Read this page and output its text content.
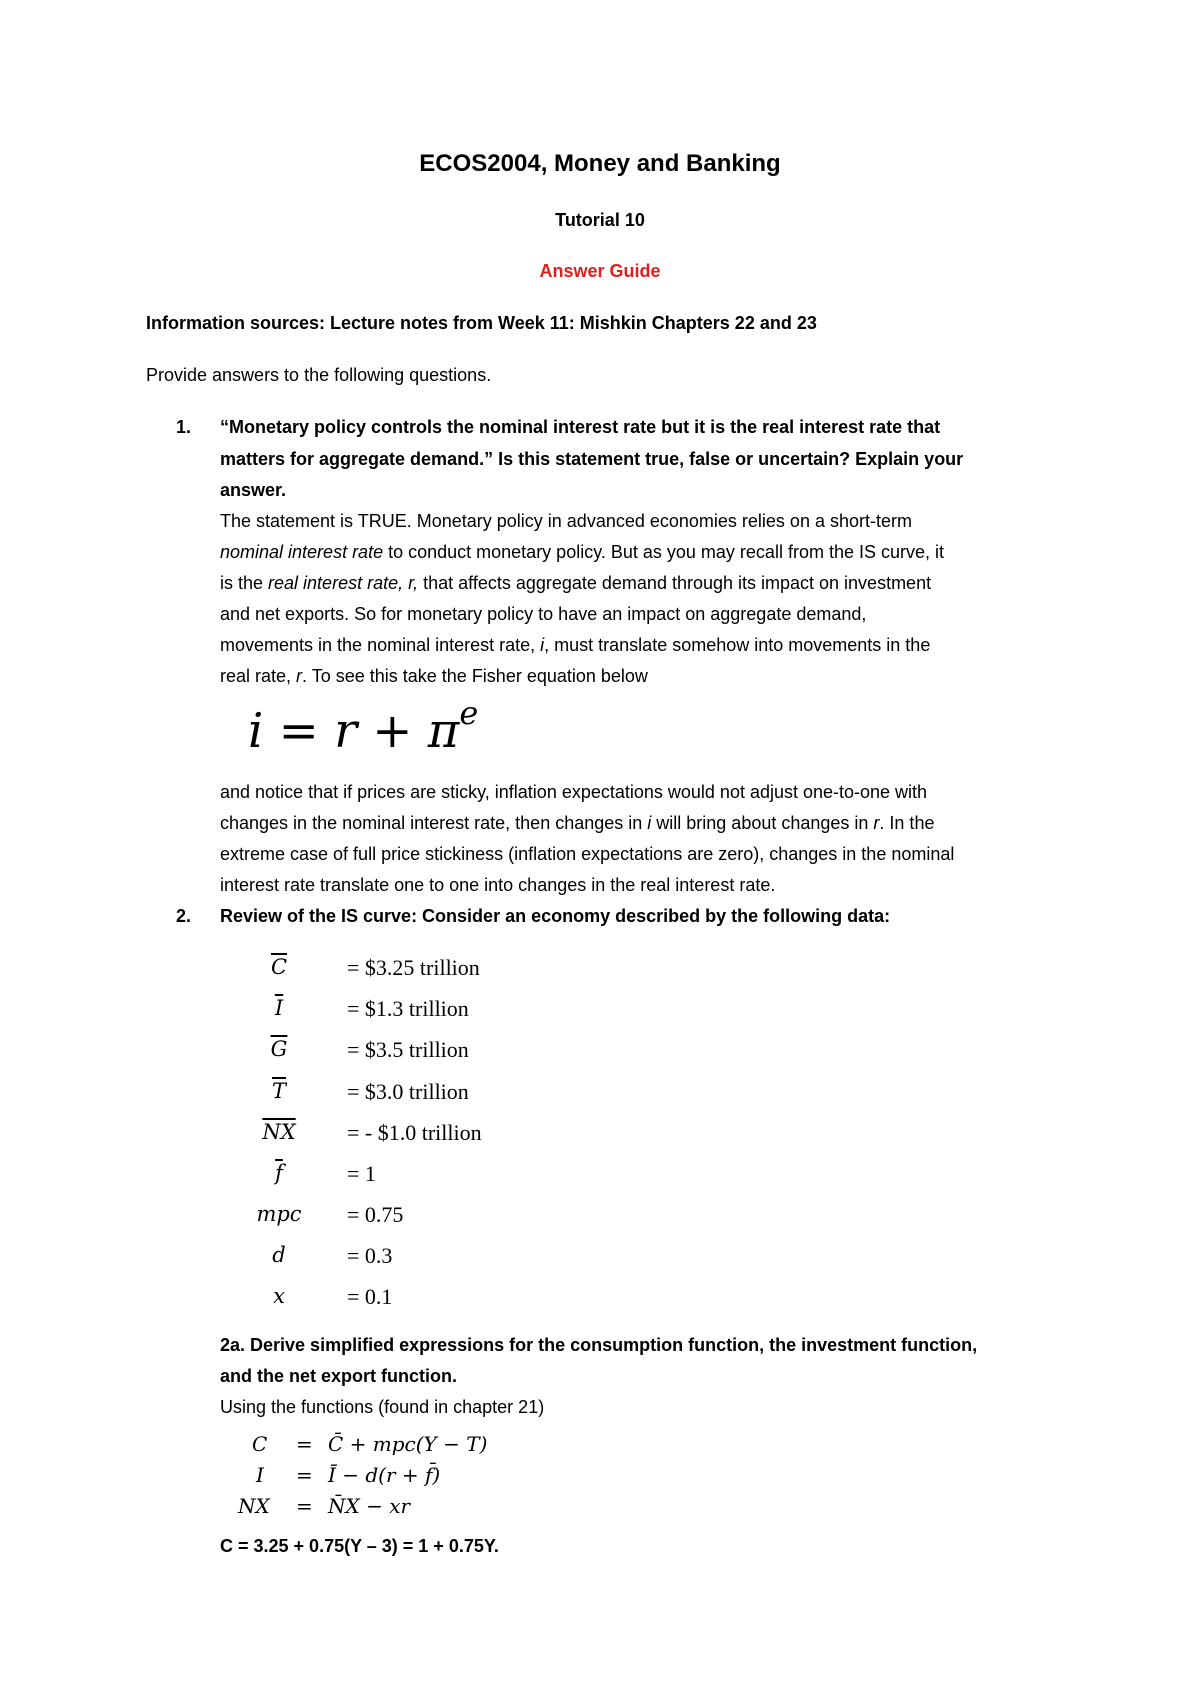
ECOS2004, Money and Banking
Tutorial 10
Answer Guide
Information sources: Lecture notes from Week 11: Mishkin Chapters 22 and 23
Provide answers to the following questions.
1. “Monetary policy controls the nominal interest rate but it is the real interest rate that
matters for aggregate demand.” Is this statement true, false or uncertain? Explain your
answer.
The statement is TRUE. Monetary policy in advanced economies relies on a short-term
nominal interest rate to conduct monetary policy. But as you may recall from the IS curve, it
is the real interest rate, r, that affects aggregate demand through its impact on investment
and net exports. So for monetary policy to have an impact on aggregate demand,
movements in the nominal interest rate, i, must translate somehow into movements in the
real rate, r. To see this take the Fisher equation below
$i = r + \pi^e$
and notice that if prices are sticky, inflation expectations would not adjust one-to-one with
changes in the nominal interest rate, then changes in i will bring about changes in r. In the
extreme case of full price stickiness (inflation expectations are zero), changes in the nominal
interest rate translate one to one into changes in the real interest rate.
2. Review of the IS curve: Consider an economy described by the following data:
$\overline{C}$	= $3.25 trillion
$\overline{I}$	= $1.3 trillion
$\overline{G}$	= $3.5 trillion
$\overline{T}$	= $3.0 trillion
$\overline{NX}$	= - $1.0 trillion
$\overline{f}$	= 1
mpc	= 0.75
d	= 0.3
x	= 0.1
2a. Derive simplified expressions for the consumption function, the investment function,
and the net export function.
Using the functions (found in chapter 21)
C = C̄ + mpc(Y − T)
I = Ī − d(r + f̄)
NX = N̄X − xr
C = 3.25 + 0.75(Y – 3) = 1 + 0.75Y.
